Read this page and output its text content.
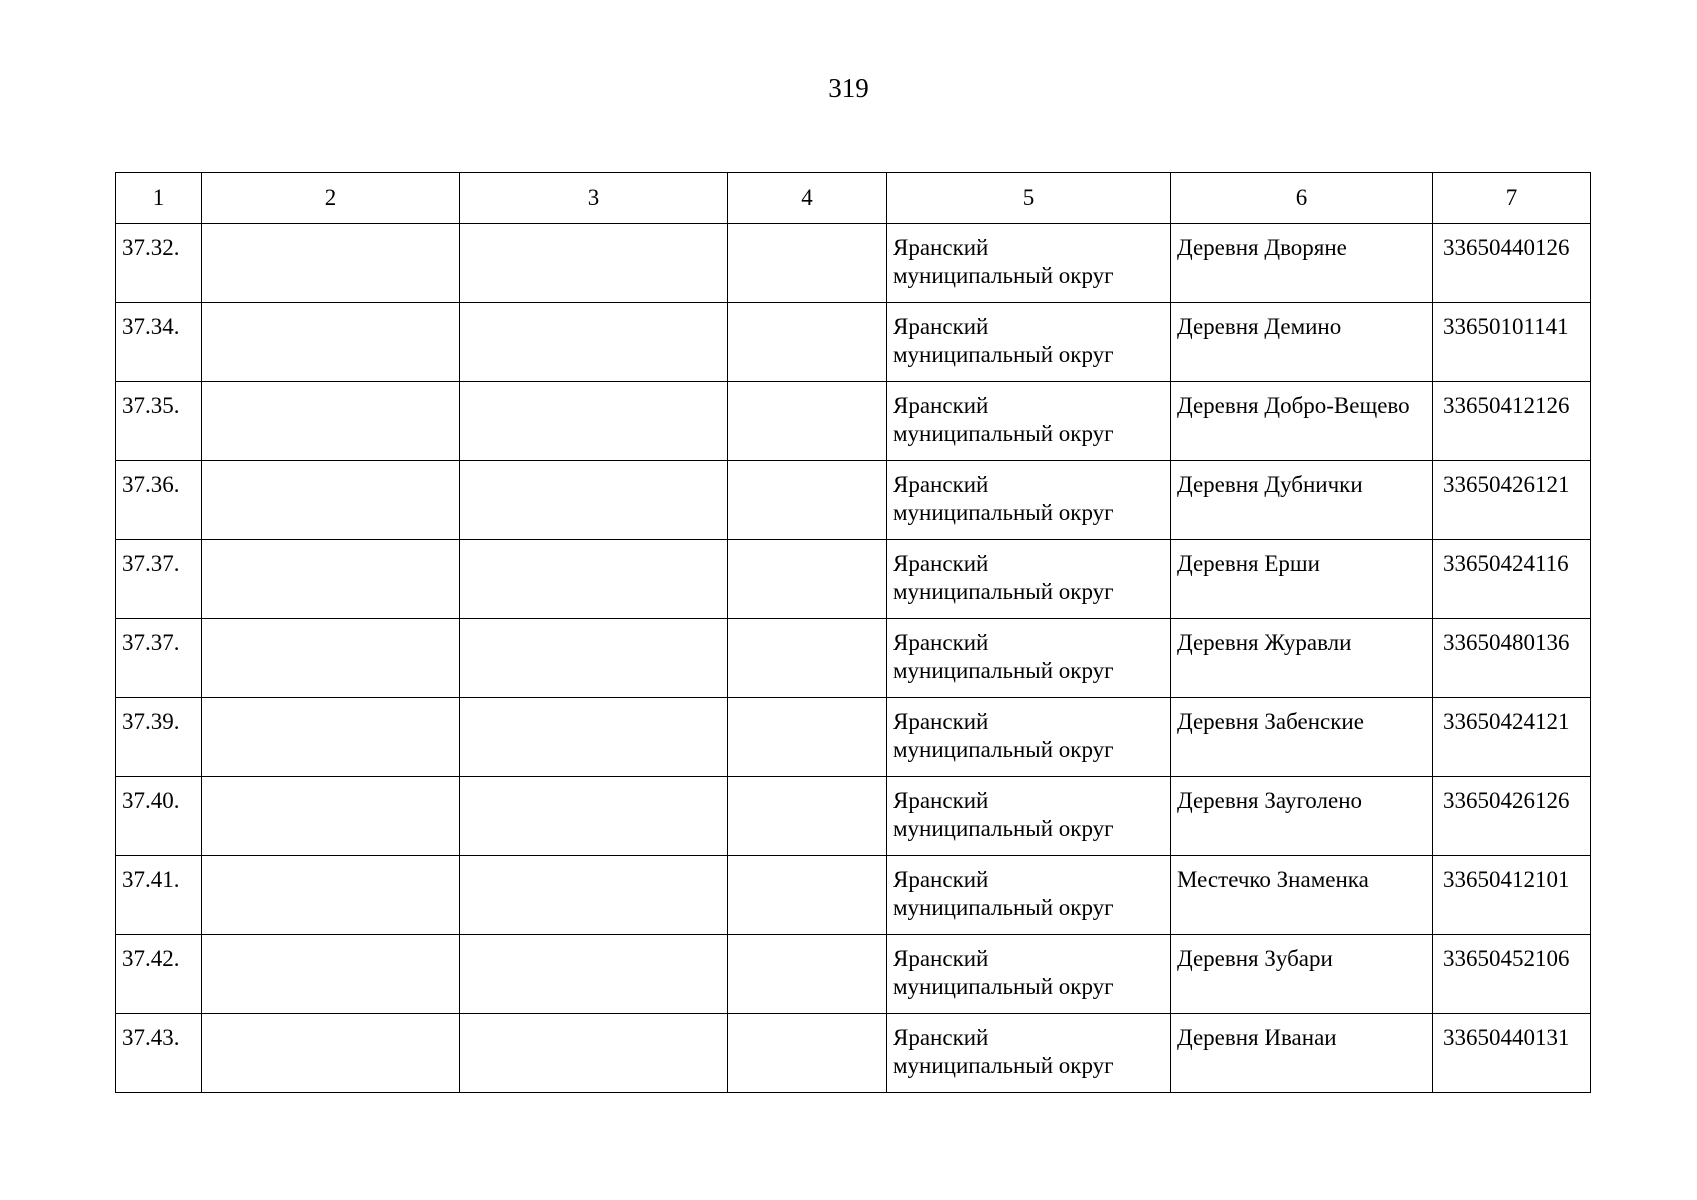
319
1	2	3	4	5	6	7

37.32.				Яранский
муниципальный округ	Деревня Дворяне	33650440126

37.34.				Яранский
муниципальный округ	Деревня Демино	33650101141

37.35.				Яранский
муниципальный округ	Деревня Добро-Вещево	33650412126

37.36.				Яранский
муниципальный округ	Деревня Дубнички	33650426121

37.37.				Яранский
муниципальный округ	Деревня Ерши	33650424116

37.37.				Яранский
муниципальный округ	Деревня Журавли	33650480136

37.39.				Яранский
муниципальный округ	Деревня Забенские	33650424121

37.40.				Яранский
муниципальный округ	Деревня Зауголено	33650426126

37.41.				Яранский
муниципальный округ	Местечко Знаменка	33650412101

37.42.				Яранский
муниципальный округ	Деревня Зубари	33650452106

37.43.				Яранский
муниципальный округ	Деревня Иванаи	33650440131
